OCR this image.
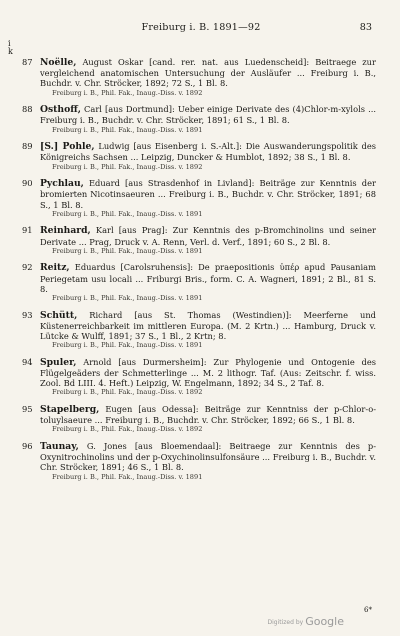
Freiburg i. B. 1891—92	83
i
k
87 Noëlle, August Oskar [cand. rer. nat. aus Luedenscheid]: Beitraege zur vergleichend anatomischen Untersuchung der Ausläufer ... Freiburg i. B., Buchdr. v. Chr. Ströcker, 1892; 72 S., 1 Bl. 8.
Freiburg i. B., Phil. Fak., Inaug.-Diss. v. 1892
88 Osthoff, Carl [aus Dortmund]: Ueber einige Derivate des (4)Chlor-m-xylols ... Freiburg i. B., Buchdr. v. Chr. Ströcker, 1891; 61 S., 1 Bl. 8.
Freiburg i. B., Phil. Fak., Inaug.-Diss. v. 1891
89 [S.] Pohle, Ludwig [aus Eisenberg i. S.-Alt.]: Die Auswanderungspolitik des Königreichs Sachsen ... Leipzig, Duncker & Humblot, 1892; 38 S., 1 Bl. 8.
Freiburg i. B., Phil. Fak., Inaug.-Diss. v. 1892
90 Pychlau, Eduard [aus Strasdenhof in Livland]: Beiträge zur Kenntnis der bromierten Nicotinsaeuren ... Freiburg i. B., Buchdr. v. Chr. Ströcker, 1891; 68 S., 1 Bl. 8.
Freiburg i. B., Phil. Fak., Inaug.-Diss. v. 1891
91 Reinhard, Karl [aus Prag]: Zur Kenntnis des p-Bromchinolins und seiner Derivate ... Prag, Druck v. A. Renn, Verl. d. Verf., 1891; 60 S., 2 Bl. 8.
Freiburg i. B., Phil. Fak., Inaug.-Diss. v. 1891
92 Reitz, Eduardus [Carolsruhensis]: De praepositionis ὑπέρ apud Pausaniam Periegetam usu locali ... Friburgi Bris., form. C. A. Wagneri, 1891; 2 Bl., 81 S. 8.
Freiburg i. B., Phil. Fak., Inaug.-Diss. v. 1891
93 Schütt, Richard [aus St. Thomas (Westindien)]: Meerferne und Küstenerreichbarkeit im mittleren Europa. (M. 2 Krtn.) ... Hamburg, Druck v. Lütcke & Wulff, 1891; 37 S., 1 Bl., 2 Krtn; 8.
Freiburg i. B., Phil. Fak., Inaug.-Diss. v. 1891
94 Spuler, Arnold [aus Durmersheim]: Zur Phylogenie und Ontogenie des Flügelgeäders der Schmetterlinge ... M. 2 lithogr. Taf. (Aus: Zeitschr. f. wiss. Zool. Bd LIII. 4. Heft.) Leipzig, W. Engelmann, 1892; 34 S., 2 Taf. 8.
Freiburg i. B., Phil. Fak., Inaug.-Diss. v. 1892
95 Stapelberg, Eugen [aus Odessa]: Beiträge zur Kenntniss der p-Chlor-o-toluylsaeure ... Freiburg i. B., Buchdr. v. Chr. Ströcker, 1892; 66 S., 1 Bl. 8.
Freiburg i. B., Phil. Fak., Inaug.-Diss. v. 1892
96 Taunay, G. Jones [aus Bloemendaal]: Beitraege zur Kenntnis des p-Oxynitrochinolins und der p-Oxychinolinsulfonsäure ... Freiburg i. B., Buchdr. v. Chr. Ströcker, 1891; 46 S., 1 Bl. 8.
Freiburg i. B., Phil. Fak., Inaug.-Diss. v. 1891
6*
Digitized by Google
